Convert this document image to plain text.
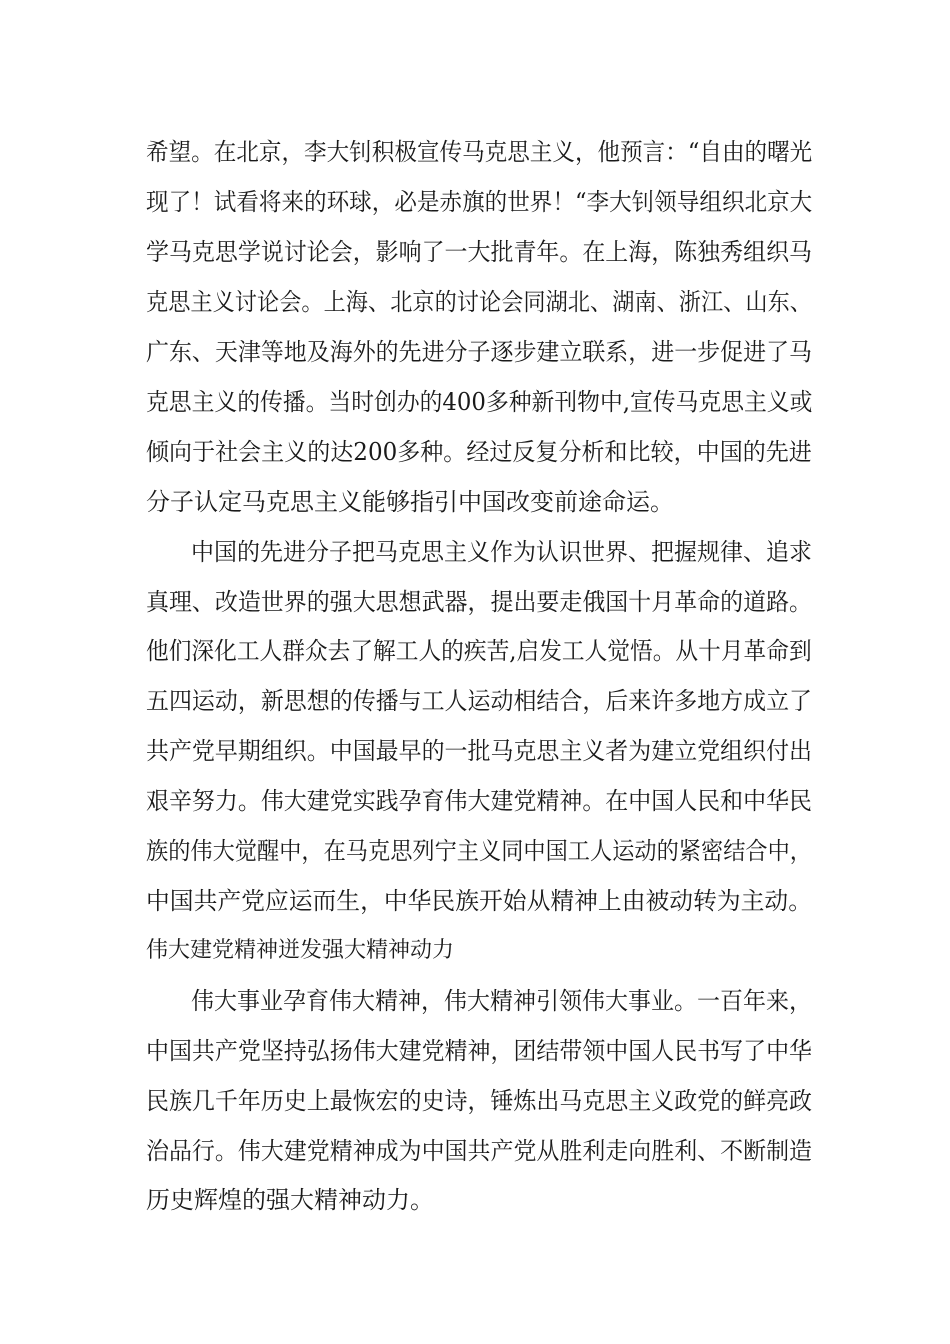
希望。在北京，李大钊积极宣传马克思主义，他预言：“自由的曙光
现了！试看将来的环球，必是赤旗的世界！“李大钊领导组织北京大
学马克思学说讨论会，影响了一大批青年。在上海，陈独秀组织马
克思主义讨论会。上海、北京的讨论会同湖北、湖南、浙江、山东、
广东、天津等地及海外的先进分子逐步建立联系，进一步促进了马
克思主义的传播。当时创办的400多种新刊物中,宣传马克思主义或
倾向于社会主义的达200多种。经过反复分析和比较，中国的先进
分子认定马克思主义能够指引中国改变前途命运。
中国的先进分子把马克思主义作为认识世界、把握规律、追求
真理、改造世界的强大思想武器，提出要走俄国十月革命的道路。
他们深化工人群众去了解工人的疾苦,启发工人觉悟。从十月革命到
五四运动，新思想的传播与工人运动相结合，后来许多地方成立了
共产党早期组织。中国最早的一批马克思主义者为建立党组织付出
艰辛努力。伟大建党实践孕育伟大建党精神。在中国人民和中华民
族的伟大觉醒中，在马克思列宁主义同中国工人运动的紧密结合中，
中国共产党应运而生，中华民族开始从精神上由被动转为主动。
伟大建党精神迸发强大精神动力
伟大事业孕育伟大精神，伟大精神引领伟大事业。一百年来，
中国共产党坚持弘扬伟大建党精神，团结带领中国人民书写了中华
民族几千年历史上最恢宏的史诗，锤炼出马克思主义政党的鲜亮政
治品行。伟大建党精神成为中国共产党从胜利走向胜利、不断制造
历史辉煌的强大精神动力。
